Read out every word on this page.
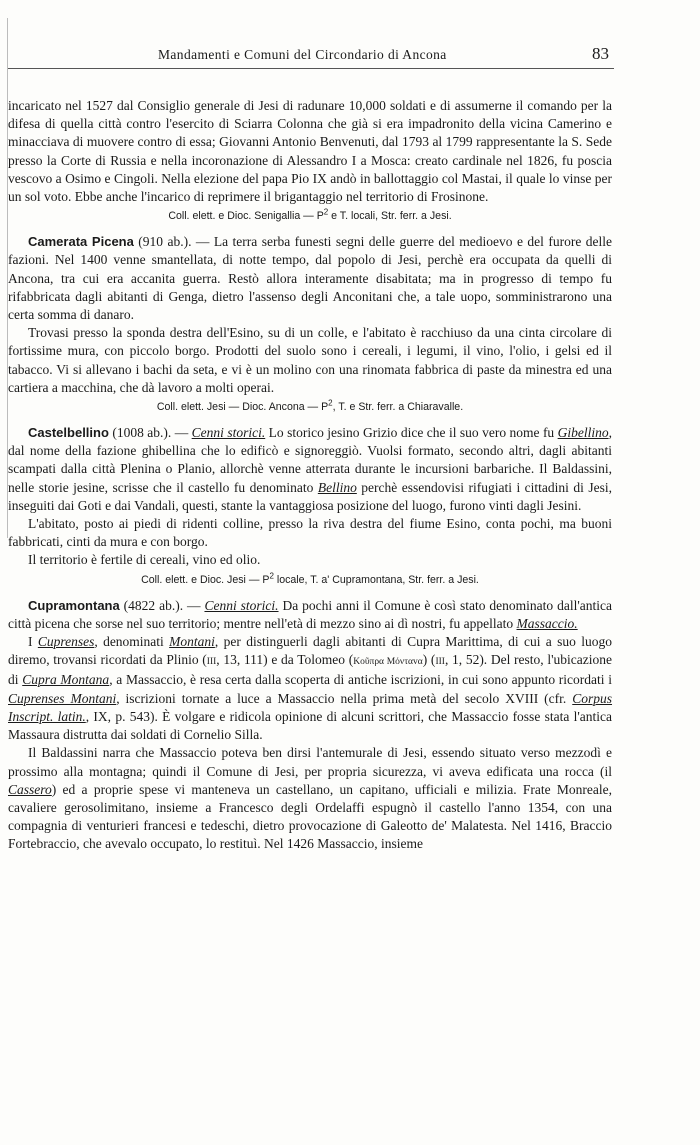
Mandamenti e Comuni del Circondario di Ancona	83

incaricato nel 1527 dal Consiglio generale di Jesi di radunare 10,000 soldati e di assumerne il comando per la difesa di quella città contro l'esercito di Sciarra Colonna che già si era impadronito della vicina Camerino e minacciava di muovere contro di essa; Giovanni Antonio Benvenuti, dal 1793 al 1799 rappresentante la S. Sede presso la Corte di Russia e nella incoronazione di Alessandro I a Mosca: creato cardinale nel 1826, fu poscia vescovo a Osimo e Cingoli. Nella elezione del papa Pio IX andò in ballottaggio col Mastai, il quale lo vinse per un sol voto. Ebbe anche l'incarico di reprimere il brigantaggio nel territorio di Frosinone.

Coll. elett. e Dioc. Senigallia — $P^2$ e T. locali, Str. ferr. a Jesi.

Camerata Picena (910 ab.). — La terra serba funesti segni delle guerre del medioevo e del furore delle fazioni. Nel 1400 venne smantellata, di notte tempo, dal popolo di Jesi, perchè era occupata da quelli di Ancona, tra cui era accanita guerra. Restò allora interamente disabitata; ma in progresso di tempo fu rifabbricata dagli abitanti di Genga, dietro l'assenso degli Anconitani che, a tale uopo, somministrarono una certa somma di danaro.

Trovasi presso la sponda destra dell'Esino, su di un colle, e l'abitato è racchiuso da una cinta circolare di fortissime mura, con piccolo borgo. Prodotti del suolo sono i cereali, i legumi, il vino, l'olio, i gelsi ed il tabacco. Vi si allevano i bachi da seta, e vi è un molino con una rinomata fabbrica di paste da minestra ed una cartiera a macchina, che dà lavoro a molti operai.

Coll. elett. Jesi — Dioc. Ancona — $P^2$, T. e Str. ferr. a Chiaravalle.

Castelbellino (1008 ab.). — Cenni storici. Lo storico jesino Grizio dice che il suo vero nome fu Gibellino, dal nome della fazione ghibellina che lo edificò e signoreggiò. Vuolsi formato, secondo altri, dagli abitanti scampati dalla città Plenina o Planio, allorchè venne atterrata durante le incursioni barbariche. Il Baldassini, nelle storie jesine, scrisse che il castello fu denominato Bellino perchè essendovisi rifugiati i cittadini di Jesi, inseguiti dai Goti e dai Vandali, questi, stante la vantaggiosa posizione del luogo, furono vinti dagli Jesini.

L'abitato, posto ai piedi di ridenti colline, presso la riva destra del fiume Esino, conta pochi, ma buoni fabbricati, cinti da mura e con borgo.

Il territorio è fertile di cereali, vino ed olio.

Coll. elett. e Dioc. Jesi — $P^2$ locale, T. a' Cupramontana, Str. ferr. a Jesi.

Cupramontana (4822 ab.). — Cenni storici. Da pochi anni il Comune è così stato denominato dall'antica città picena che sorse nel suo territorio; mentre nell'età di mezzo sino ai dì nostri, fu appellato Massaccio.

I Cuprenses, denominati Montani, per distinguerli dagli abitanti di Cupra Marittima, di cui a suo luogo diremo, trovansi ricordati da Plinio (III, 13, 111) e da Tolomeo (Κοῦπρα Μόνταvα) (III, 1, 52). Del resto, l'ubicazione di Cupra Montana, a Massaccio, è resa certa dalla scoperta di antiche iscrizioni, in cui sono appunto ricordati i Cuprenses Montani, iscrizioni tornate a luce a Massaccio nella prima metà del secolo XVIII (cfr. Corpus Inscript. latin., IX, p. 543). È volgare e ridicola opinione di alcuni scrittori, che Massaccio fosse stata l'antica Massaura distrutta dai soldati di Cornelio Silla.

Il Baldassini narra che Massaccio poteva ben dirsi l'antemurale di Jesi, essendo situato verso mezzodì e prossimo alla montagna; quindi il Comune di Jesi, per propria sicurezza, vi aveva edificata una rocca (il Cassero) ed a proprie spese vi manteneva un castellano, un capitano, ufficiali e milizia. Frate Monreale, cavaliere gerosolimitano, insieme a Francesco degli Ordelaffi espugnò il castello l'anno 1354, con una compagnia di venturieri francesi e tedeschi, dietro provocazione di Galeotto de' Malatesta. Nel 1416, Braccio Fortebraccio, che avevalo occupato, lo restituì. Nel 1426 Massaccio, insieme
